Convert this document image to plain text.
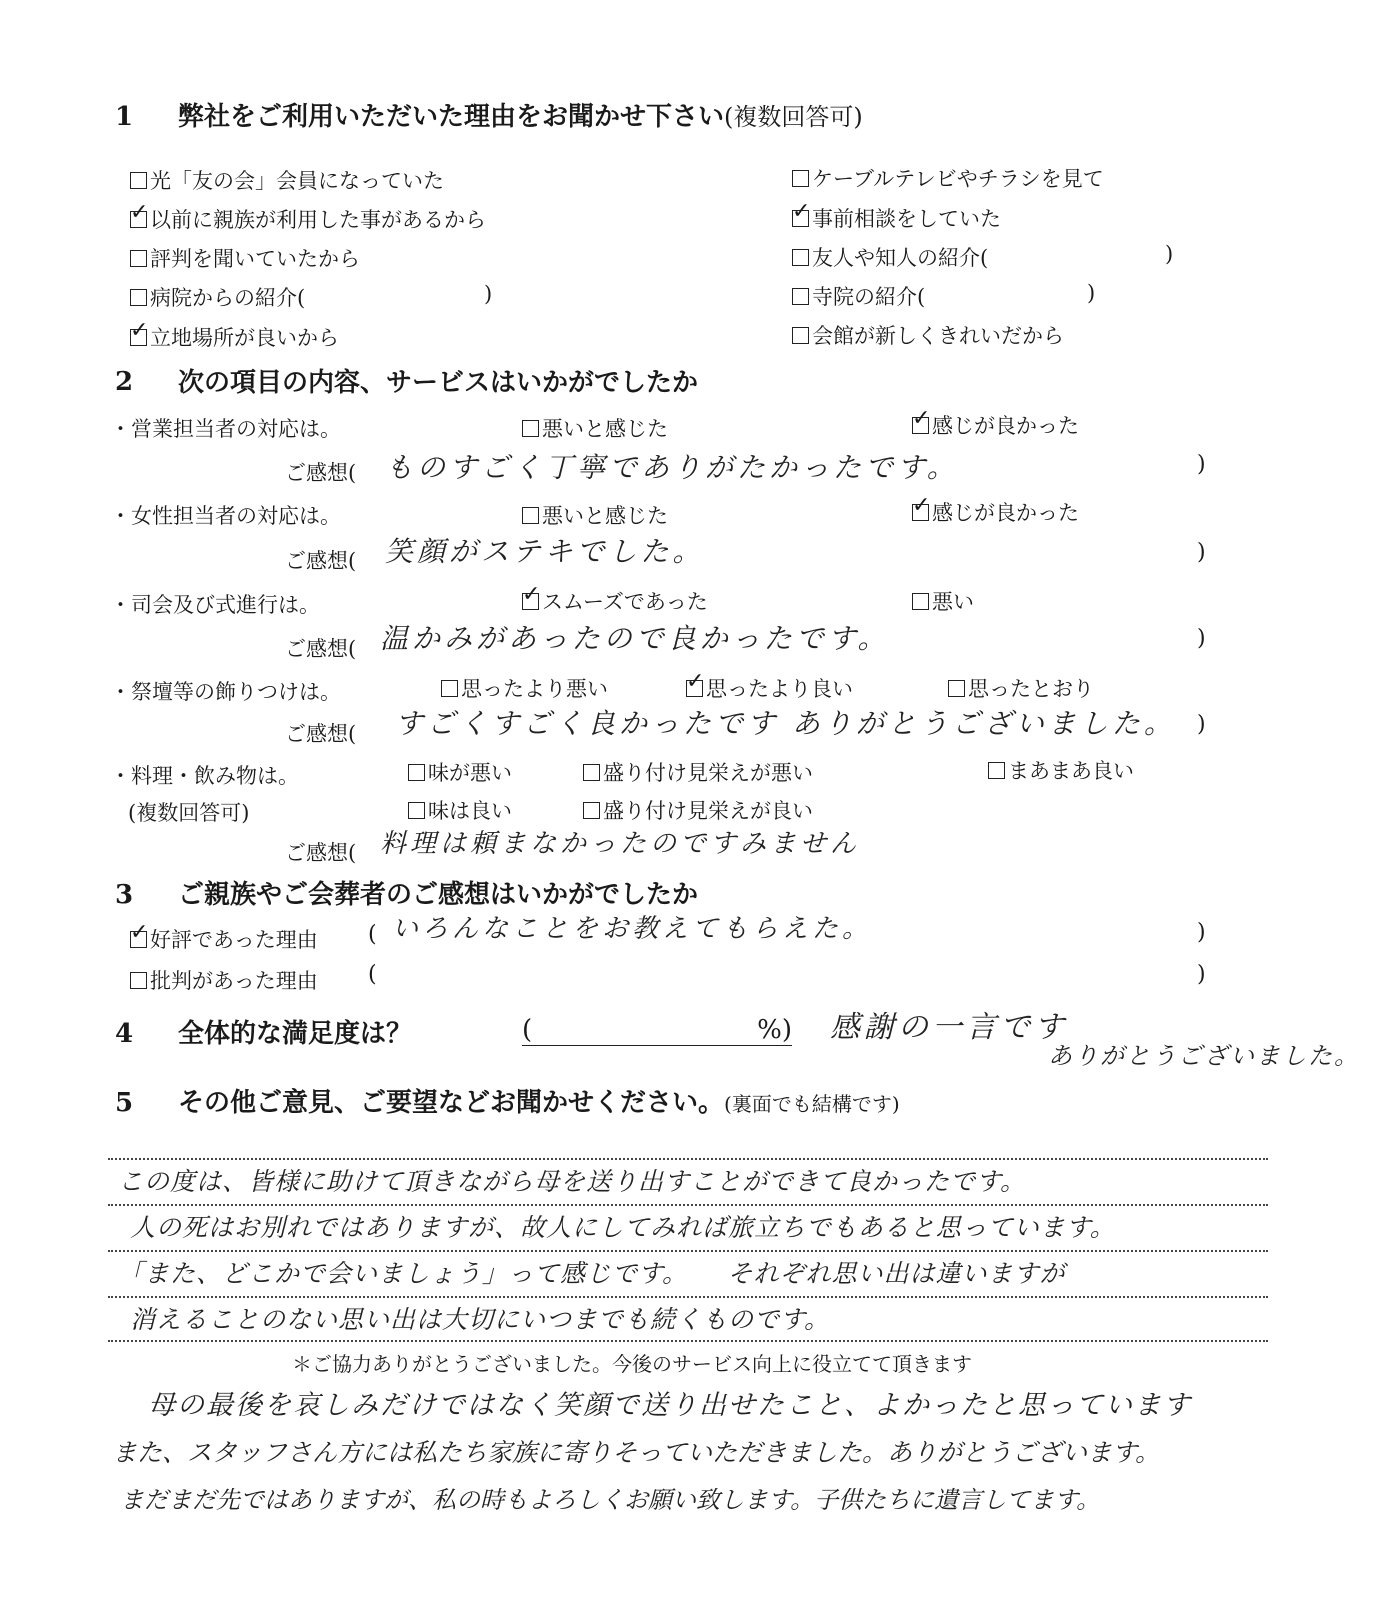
1 弊社をご利用いただいた理由をお聞かせ下さい(複数回答可)
光「友の会」会員になっていた
✓以前に親族が利用した事があるから
評判を聞いていたから
病院からの紹介(	)
✓立地場所が良いから
ケーブルテレビやチラシを見て
✓事前相談をしていた
友人や知人の紹介(	)
寺院の紹介(	)
会館が新しくきれいだから
2 次の項目の内容、サービスはいかがでしたか
・営業担当者の対応は。	悪いと感じた ✓	感じが良かった
ご感想( ものすごく丁寧でありがたかったです。	)
・女性担当者の対応は。	悪いと感じた ✓	感じが良かった
ご感想( 笑顔がステキでした。	)
・司会及び式進行は。 ✓	スムーズであった	悪い
ご感想( 温かみがあったので良かったです。	)
・祭壇等の飾りつけは。	思ったより悪い ✓	思ったより良い	思ったとおり
ご感想( すごくすごく良かったです ありがとうございました。 )
・料理・飲み物は。
(複数回答可)
味が悪い	盛り付け見栄えが悪い	まあまあ良い
味は良い	盛り付け見栄えが良い
ご感想( 料理は頼まなかったのですみません
3 ご親族やご会葬者のご感想はいかがでしたか
✓好評であった理由 ( いろんなことをお教えてもらえた。	)
批判があった理由 (	)
4 全体的な満足度は？	(	%) 感謝の一言です
ありがとうございました。
5 その他ご意見、ご要望などお聞かせください。(裏面でも結構です)
この度は、皆様に助けて頂きながら母を送り出すことができて良かったです。
人の死はお別れではありますが、故人にしてみれば旅立ちでもあると思っています。
「また、どこかで会いましょう」って感じです。　　それぞれ思い出は違いますが
消えることのない思い出は大切にいつまでも続くものです。
＊ご協力ありがとうございました。今後のサービス向上に役立てて頂きます
母の最後を哀しみだけではなく笑顔で送り出せたこと、よかったと思っています
また、スタッフさん方には私たち家族に寄りそっていただきました。ありがとうございます。
まだまだ先ではありますが、私の時もよろしくお願い致します。子供たちに遺言してます。
